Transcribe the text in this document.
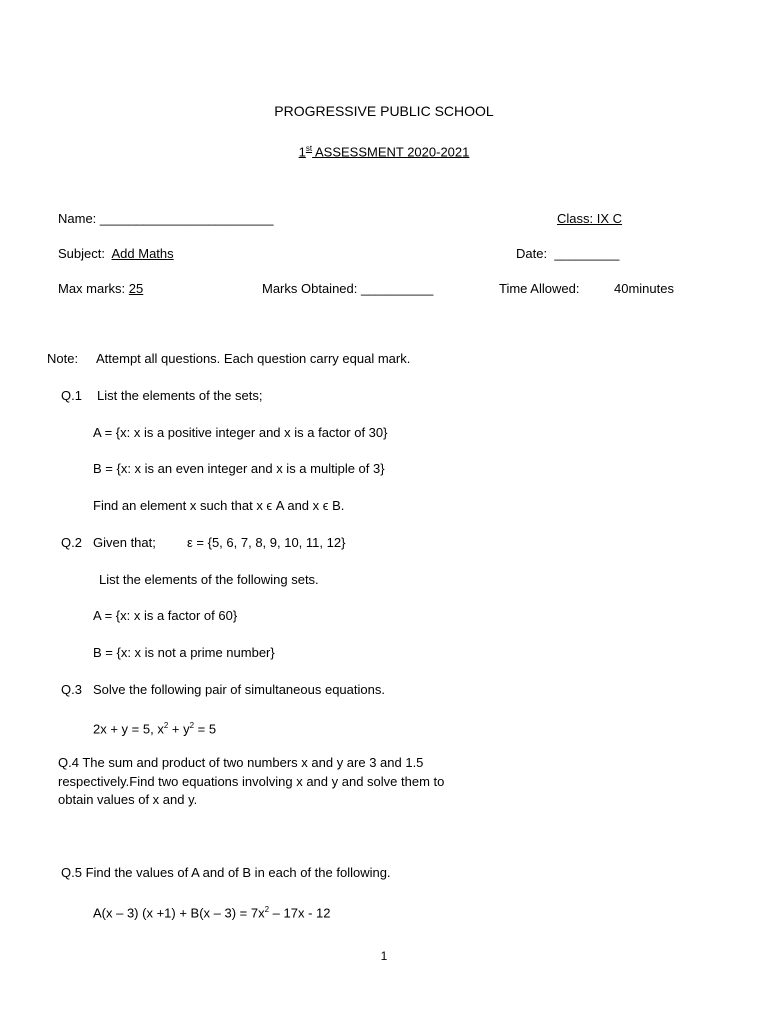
PROGRESSIVE PUBLIC SCHOOL
1st ASSESSMENT 2020-2021
Name: ________________________	Class: IX C
Subject: Add Maths	Date: _________
Max marks: 25	Marks Obtained: __________	Time Allowed:	40minutes
Note: Attempt all questions. Each question carry equal mark.
Q.1 List the elements of the sets;
A = {x: x is a positive integer and x is a factor of 30}
B = {x: x is an even integer and x is a multiple of 3}
Find an element x such that x ϵ A and x ϵ B.
Q.2 Given that; ε = {5, 6, 7, 8, 9, 10, 11, 12}
List the elements of the following sets.
A = {x: x is a factor of 60}
B = {x: x is not a prime number}
Q.3 Solve the following pair of simultaneous equations.
2x + y = 5, $x^2 + y^2 = 5$
Q.4 The sum and product of two numbers x and y are 3 and 1.5
respectively.Find two equations involving x and y and solve them to
obtain values of x and y.
Q.5 Find the values of A and of B in each of the following.
A(x – 3) $(x +1) + B(x - 3) = 7x^2 - 17x - 12$
1
